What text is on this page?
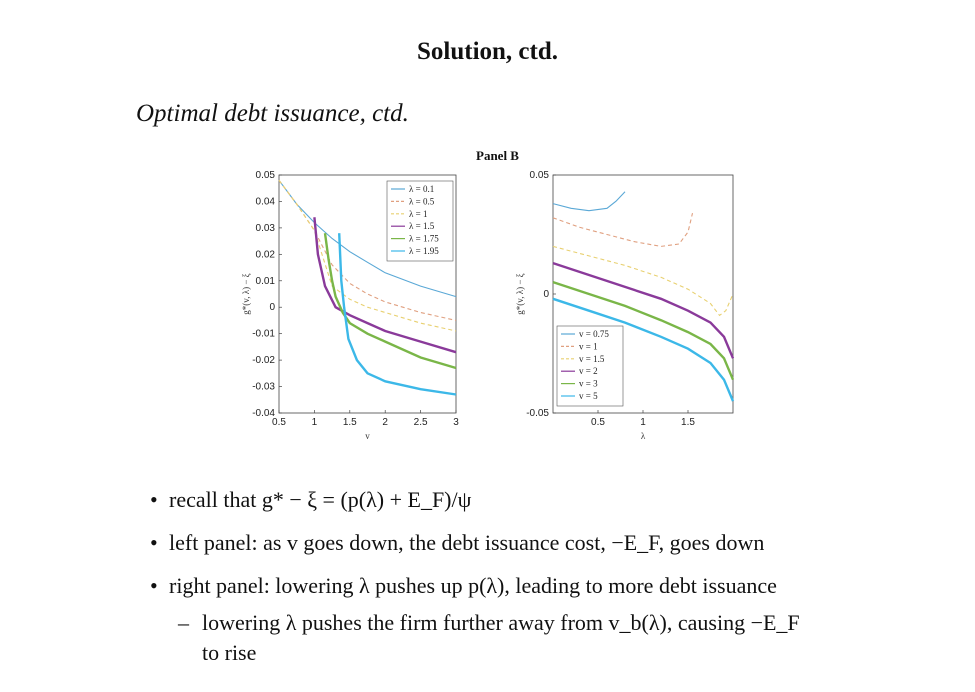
Solution, ctd.
Optimal debt issuance, ctd.
Panel B
0.05
0.04
0.03
0.02
0.01
0
-0.01
-0.02
-0.03
-0.04
0.5	1	1.5	2	2.5	3
v
g*(v, λ) − ξ
λ = 0.1
λ = 0.5
λ = 1
λ = 1.5
λ = 1.75
λ = 1.95
0.05
0
-0.05
0.5	1	1.5
λ
g*(v, λ) − ξ
v = 0.75
v = 1
v = 1.5
v = 2
v = 3
v = 5
• recall that g* − ξ = (p(λ) + E_F)/ψ
• left panel: as v goes down, the debt issuance cost, −E_F, goes down
• right panel: lowering λ pushes up p(λ), leading to more debt issuance
– lowering λ pushes the firm further away from v_b(λ), causing −E_F
to rise
